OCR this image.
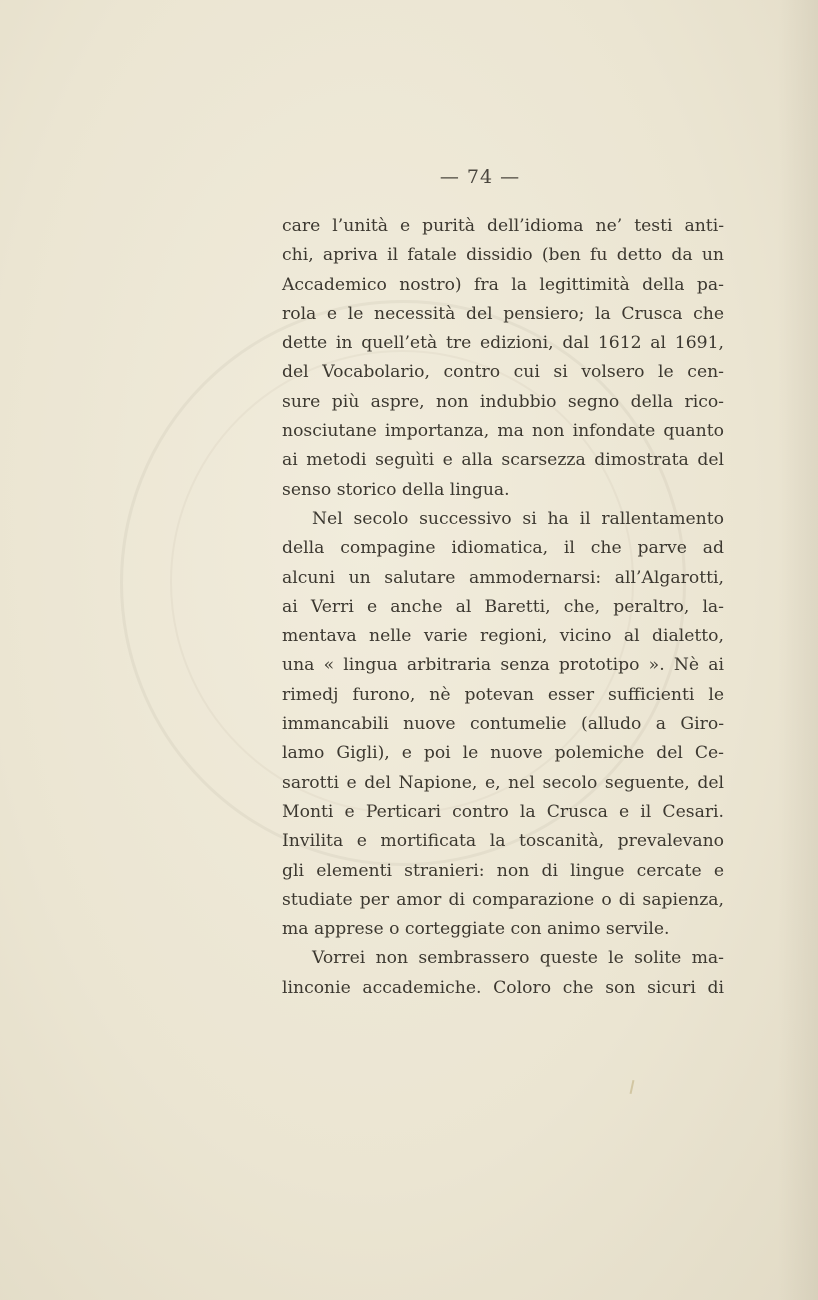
— 74 —
care l’unità e purità dell’idioma ne’ testi anti-
chi, apriva il fatale dissidio (ben fu detto da un
Accademico nostro) fra la legittimità della pa-
rola e le necessità del pensiero; la Crusca che
dette in quell’età tre edizioni, dal 1612 al 1691,
del Vocabolario, contro cui si volsero le cen-
sure più aspre, non indubbio segno della rico-
nosciutane importanza, ma non infondate quanto
ai metodi seguìti e alla scarsezza dimostrata del
senso storico della lingua.
Nel secolo successivo si ha il rallentamento
della compagine idiomatica, il che parve ad
alcuni un salutare ammodernarsi: all’Algarotti,
ai Verri e anche al Baretti, che, peraltro, la-
mentava nelle varie regioni, vicino al dialetto,
una « lingua arbitraria senza prototipo ». Nè ai
rimedj furono, nè potevan esser sufficienti le
immancabili nuove contumelie (alludo a Giro-
lamo Gigli), e poi le nuove polemiche del Ce-
sarotti e del Napione, e, nel secolo seguente, del
Monti e Perticari contro la Crusca e il Cesari.
Invilita e mortificata la toscanità, prevalevano
gli elementi stranieri: non di lingue cercate e
studiate per amor di comparazione o di sapienza,
ma apprese o corteggiate con animo servile.
Vorrei non sembrassero queste le solite ma-
linconie accademiche. Coloro che son sicuri di
